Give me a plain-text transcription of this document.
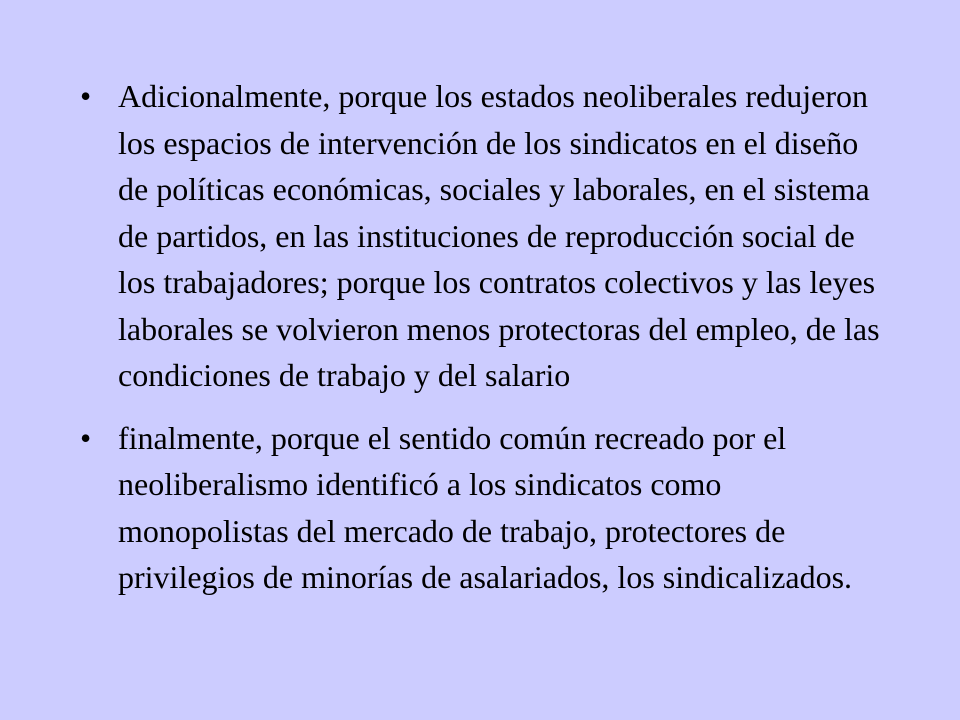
• Adicionalmente, porque los estados neoliberales redujeron los espacios de intervención de los sindicatos en el diseño de políticas económicas, sociales y laborales, en el sistema de partidos, en las instituciones de reproducción social de los trabajadores; porque los contratos colectivos y las leyes laborales se volvieron menos protectoras del empleo, de las condiciones de trabajo y del salario
• finalmente, porque el sentido común recreado por el neoliberalismo identificó a los sindicatos como monopolistas del mercado de trabajo, protectores de privilegios de minorías de asalariados, los sindicalizados.
